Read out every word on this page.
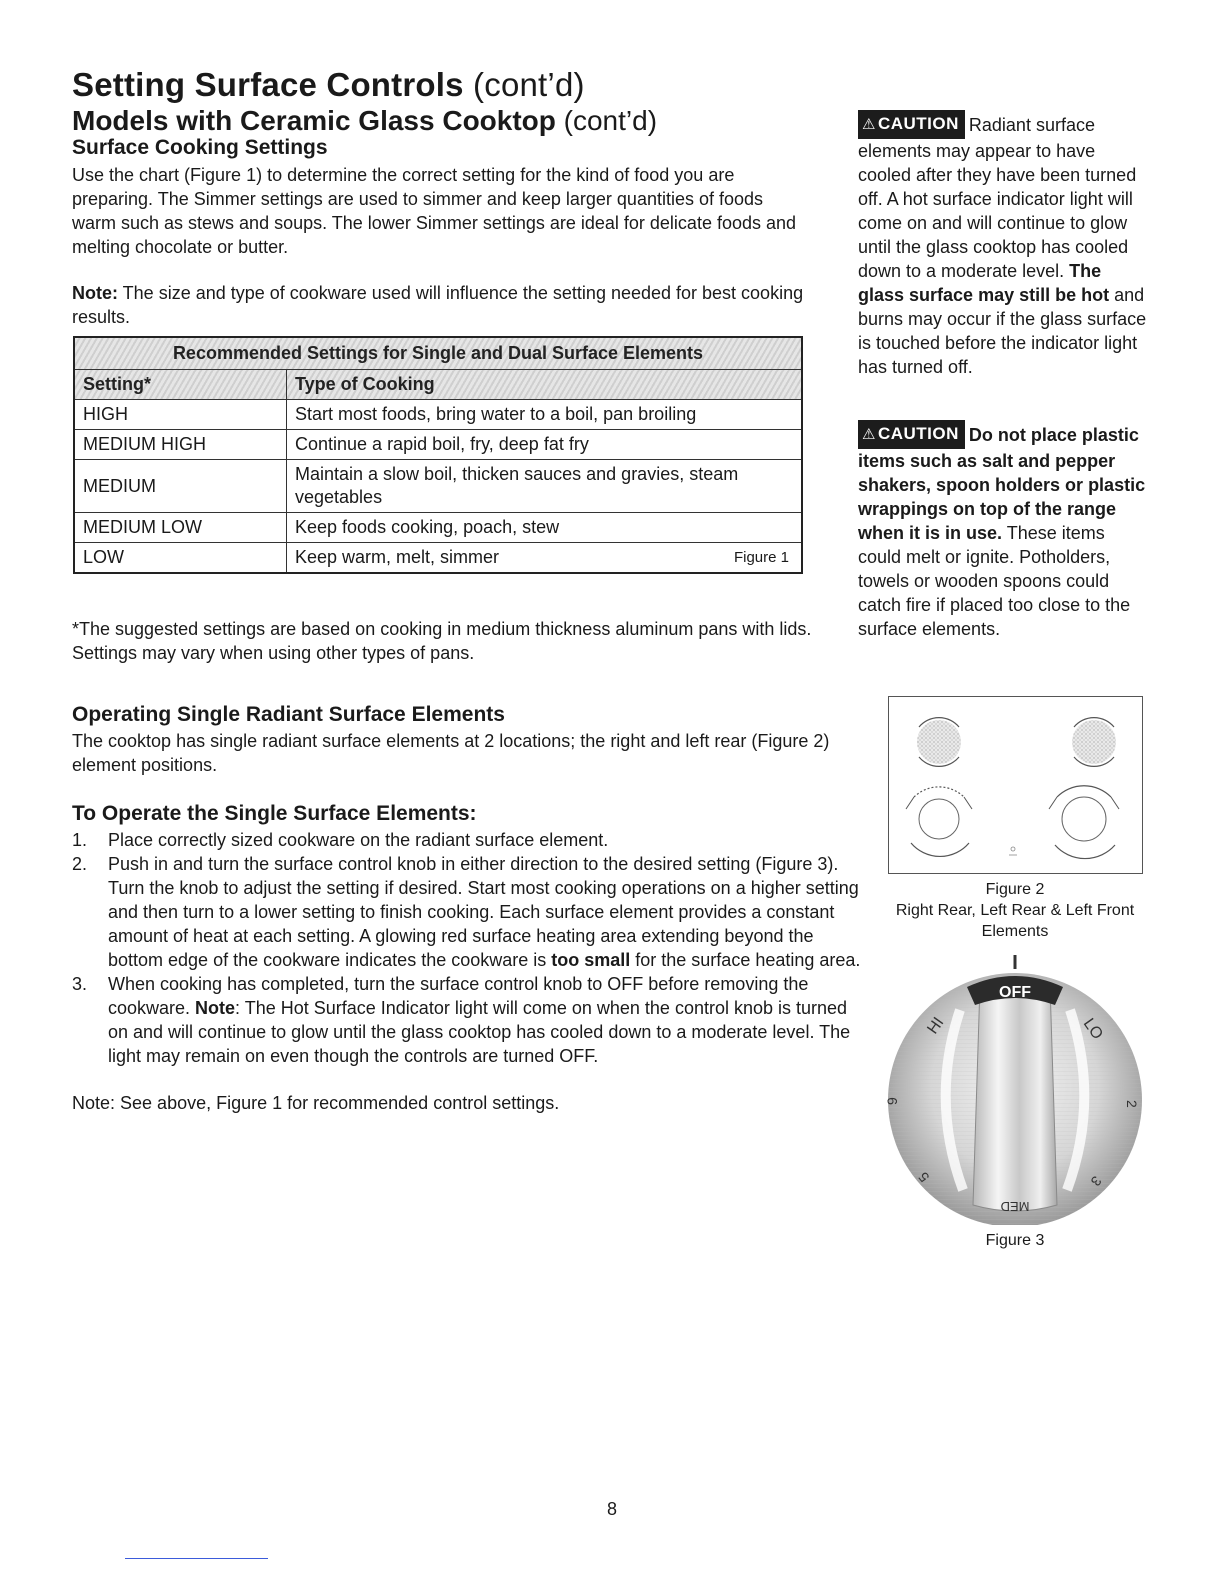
Setting Surface Controls (cont’d)
Models with Ceramic Glass Cooktop (cont’d)
Surface Cooking Settings
Use the chart (Figure 1) to determine the correct setting for the kind of food you are preparing. The Simmer settings are used to simmer and keep larger quantities of foods warm such as stews and soups. The lower Simmer settings are ideal for delicate foods and melting chocolate or butter.
Note: The size and type of cookware used will influence the setting needed for best cooking results.
Recommended Settings for Single and Dual Surface Elements	
Setting*	Type of Cooking
HIGH	Start most foods, bring water to a boil, pan broiling
MEDIUM HIGH	Continue a rapid boil, fry, deep fat fry
MEDIUM	Maintain a slow boil, thicken sauces and gravies, steam vegetables
MEDIUM LOW	Keep foods cooking, poach, stew
LOW	Keep warm, melt, simmer Figure 1
*The suggested settings are based on cooking in medium thickness aluminum pans with lids. Settings may vary when using other types of pans.
Operating Single Radiant Surface Elements
The cooktop has single radiant surface elements at 2 locations; the right and left rear (Figure 2) element positions.
To Operate the Single Surface Elements:
1. Place correctly sized cookware on the radiant surface element.
2. Push in and turn the surface control knob in either direction to the desired setting (Figure 3). Turn the knob to adjust the setting if desired. Start most cooking operations on a higher setting and then turn to a lower setting to finish cooking. Each surface element provides a constant amount of heat at each setting. A glowing red surface heating area extending beyond the bottom edge of the cookware indicates the cookware is too small for the surface heating area.
3. When cooking has completed, turn the surface control knob to OFF before removing the cookware. Note: The Hot Surface Indicator light will come on when the control knob is turned on and will continue to glow until the glass cooktop has cooled down to a moderate level. The light may remain on even though the controls are turned OFF.
Note: See above, Figure 1 for recommended control settings.
⚠ CAUTION Radiant surface elements may appear to have cooled after they have been turned off. A hot surface indicator light will come on and will continue to glow until the glass cooktop has cooled down to a moderate level. The glass surface may still be hot and burns may occur if the glass surface is touched before the indicator light has turned off.
⚠ CAUTION Do not place plastic items such as salt and pepper shakers, spoon holders or plastic wrappings on top of the range when it is in use. These items could melt or ignite. Potholders, towels or wooden spoons could catch fire if placed too close to the surface elements.
Figure 2
Right Rear, Left Rear & Left Front Elements
OFF
HI	LO
9	2
5	3
MED
Figure 3
8
